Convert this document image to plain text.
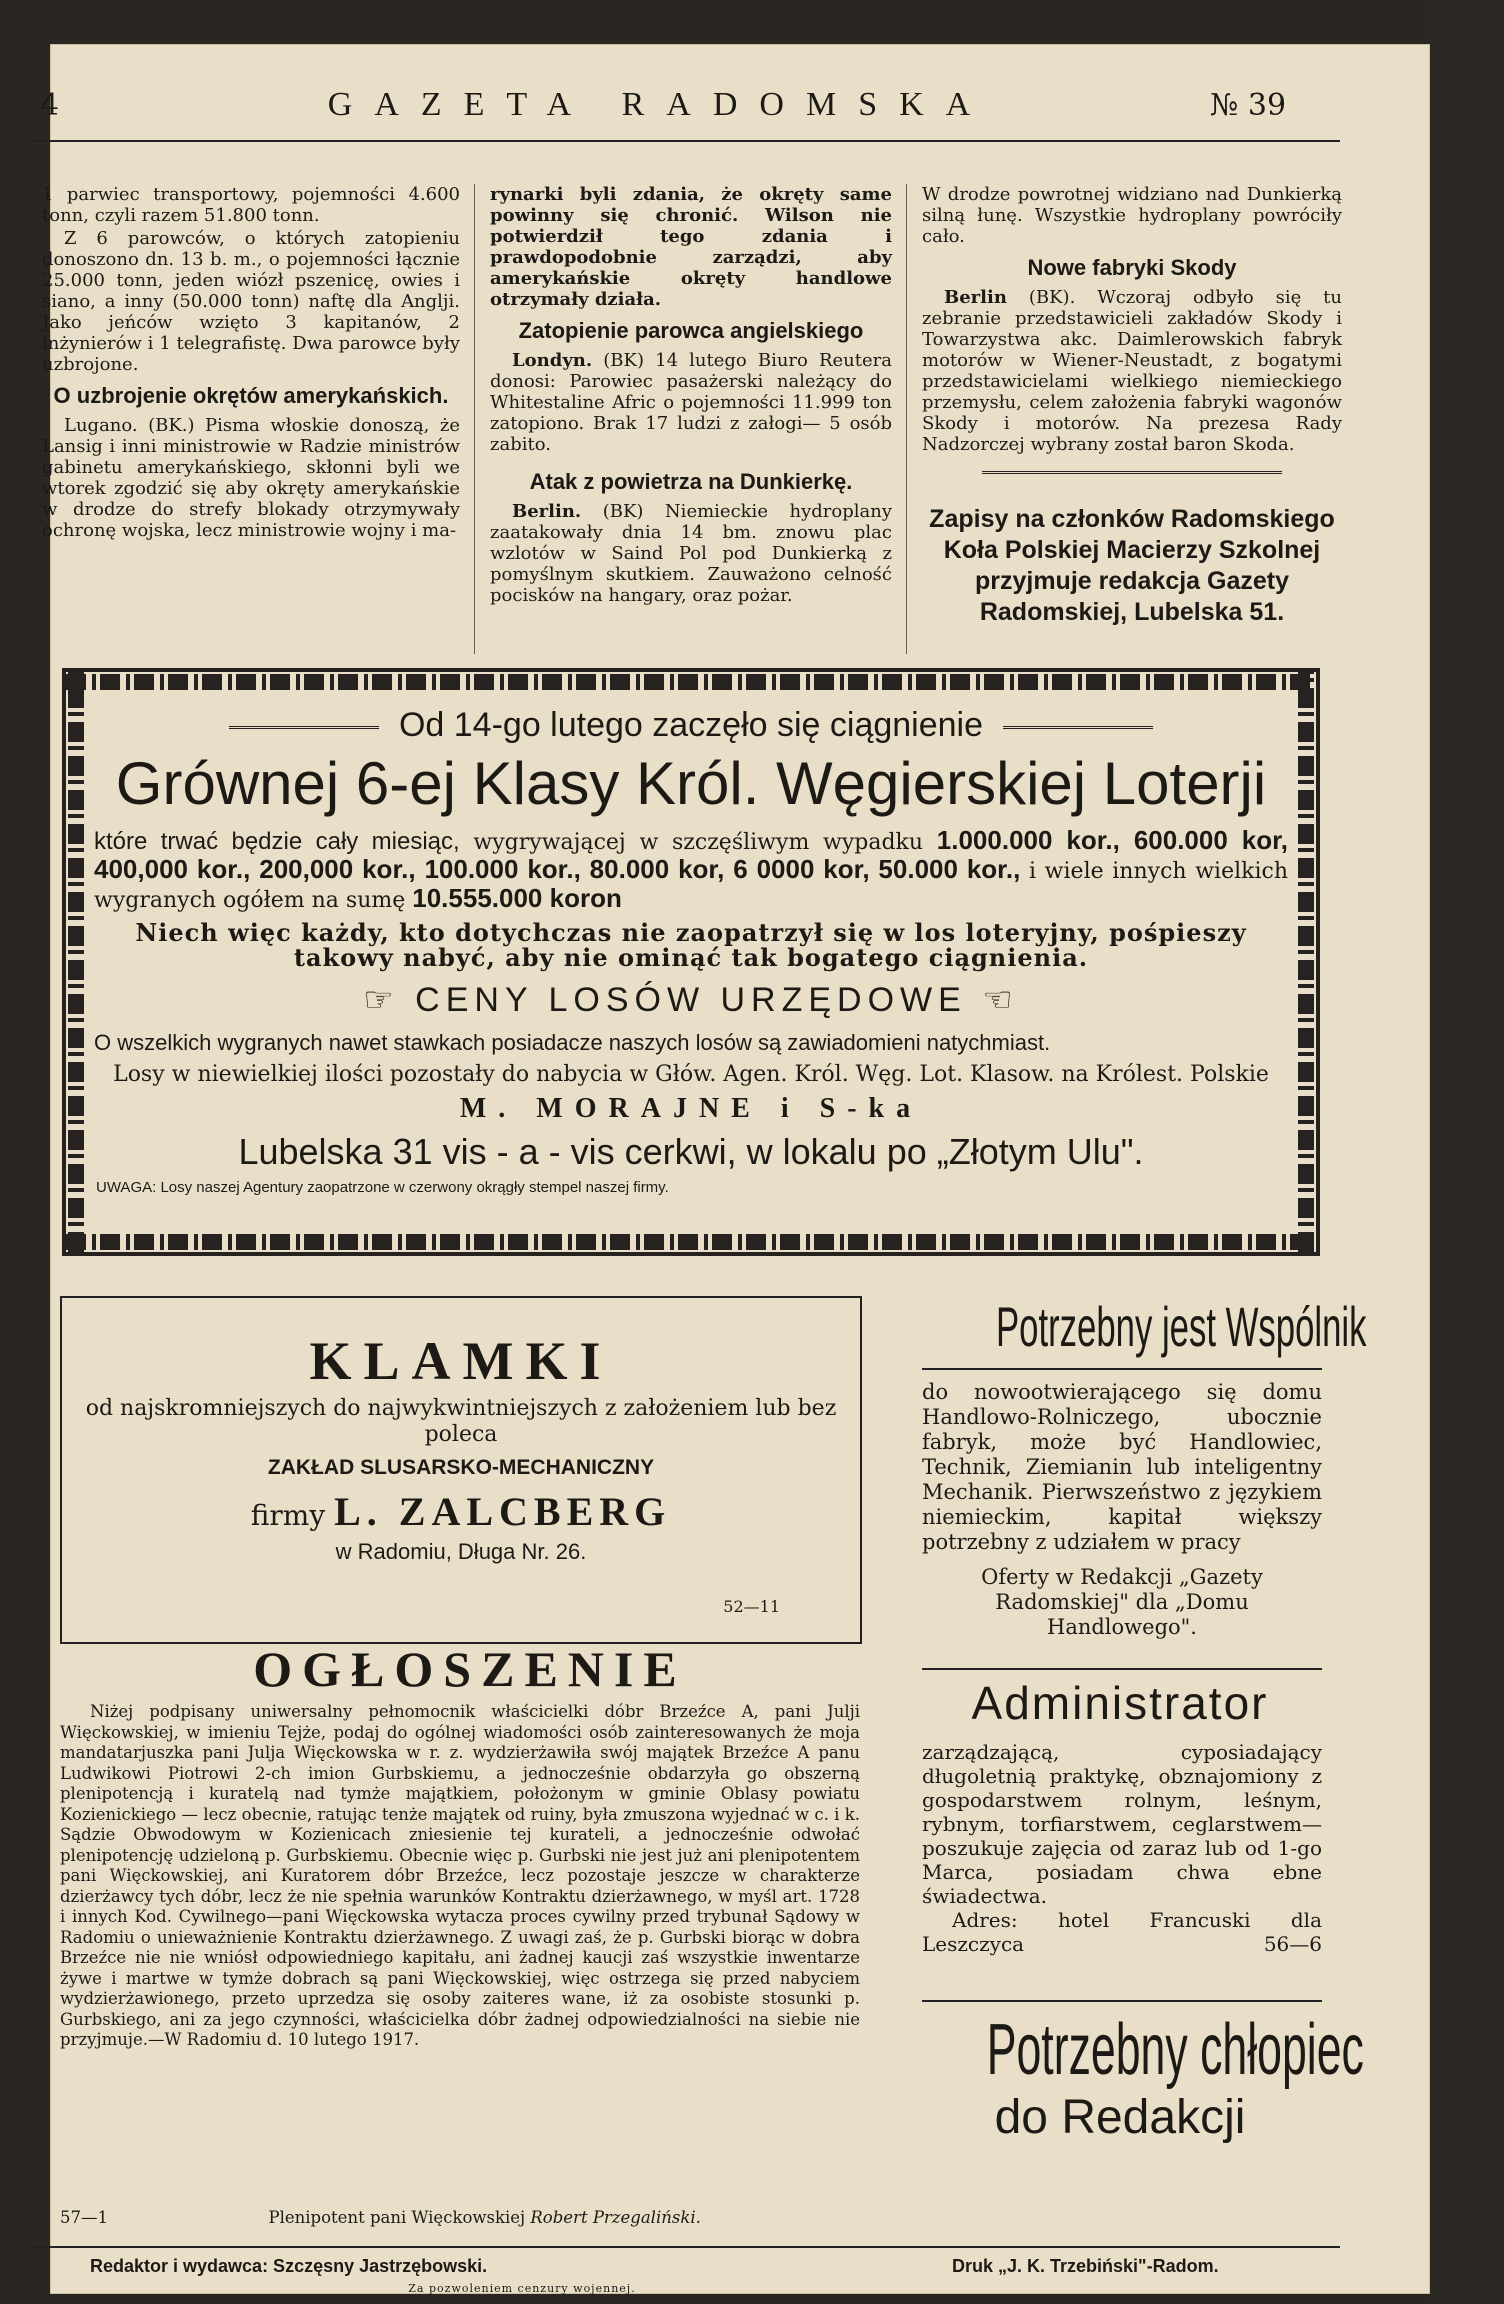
4	GAZETA RADOMSKA	№ 39

1 parwiec transportowy, pojemności 4.600 tonn, czyli razem 51.800 tonn.

Z 6 parowców, o których zatopieniu donoszono dn. 13 b. m., o pojemności łącznie 25.000 tonn, jeden wiózł pszenicę, owies i siano, a inny (50.000 tonn) naftę dla Anglji. Jako jeńców wzięto 3 kapitanów, 2 inżynierów i 1 telegrafistę. Dwa parowce były uzbrojone.

O uzbrojenie okrętów amerykańskich.

Lugano. (BK.) Pisma włoskie donoszą, że Lansig i inni ministrowie w Radzie ministrów gabinetu amerykańskiego, skłonni byli we wtorek zgodzić się aby okręty amerykańskie w drodze do strefy blokady otrzymywały ochronę wojska, lecz ministrowie wojny i ma-

rynarki byli zdania, że okręty same powinny się chronić. Wilson nie potwierdził tego zdania i prawdopodobnie zarządzi, aby amerykańskie okręty handlowe otrzymały działa.

Zatopienie parowca angielskiego

Londyn. (BK) 14 lutego Biuro Reutera donosi: Parowiec pasażerski należący do Whitestaline Afric o pojemności 11.999 ton zatopiono. Brak 17 ludzi z załogi— 5 osób zabito.

Atak z powietrza na Dunkierkę.

Berlin. (BK) Niemieckie hydroplany zaatakowały dnia 14 bm. znowu plac wzlotów w Saind Pol pod Dunkierką z pomyślnym skutkiem. Zauważono celność pocisków na hangary, oraz pożar.

W drodze powrotnej widziano nad Dunkierką silną łunę. Wszystkie hydroplany powróciły cało.

Nowe fabryki Skody

Berlin (BK). Wczoraj odbyło się tu zebranie przedstawicieli zakładów Skody i Towarzystwa akc. Daimlerowskich fabryk motorów w Wiener-Neustadt, z bogatymi przedstawicielami wielkiego niemieckiego przemysłu, celem założenia fabryki wagonów Skody i motorów. Na prezesa Rady Nadzorczej wybrany został baron Skoda.

Zapisy na członków Radomskiego Koła Polskiej Macierzy Szkolnej przyjmuje redakcja Gazety Radomskiej, Lubelska 51.
Od 14-go lutego zaczęło się ciągnienie
Grównej 6-ej Klasy Król. Węgierskiej Loterji
które trwać będzie cały miesiąc, wygrywającej w szczęśliwym wypadku 1.000.000 kor., 600.000 kor, 400,000 kor., 200,000 kor., 100.000 kor., 80.000 kor, 6 0000 kor, 50.000 kor., i wiele innych wielkich wygranych ogółem na sumę 10.555.000 koron
Niech więc każdy, kto dotychczas nie zaopatrzył się w los loteryjny, pośpieszy takowy nabyć, aby nie ominąć tak bogatego ciągnienia.
☞ CENY LOSÓW URZĘDOWE ☜
O wszelkich wygranych nawet stawkach posiadacze naszych losów są zawiadomieni natychmiast.
Losy w niewielkiej ilości pozostały do nabycia w Głów. Agen. Król. Węg. Lot. Klasow. na Królest. Polskie
M. MORAJNE i S-ka
Lubelska 31 vis - a - vis cerkwi, w lokalu po „Złotym Ulu".
UWAGA: Losy naszej Agentury zaopatrzone w czerwony okrągły stempel naszej firmy.
KLAMKI
od najskromniejszych do najwykwintniejszych z założeniem lub bez poleca
ZAKŁAD SLUSARSKO-MECHANICZNY
firmy L. ZALCBERG
w Radomiu, Długa Nr. 26.
52—11
OGŁOSZENIE
Niżej podpisany uniwersalny pełnomocnik właścicielki dóbr Brzeźce A, pani Julji Więckowskiej, w imieniu Tejże, podaj do ogólnej wiadomości osób zainteresowanych że moja mandatarjuszka pani Julja Więckowska w r. z. wydzierżawiła swój majątek Brzeźce A panu Ludwikowi Piotrowi 2-ch imion Gurbskiemu, a jednocześnie obdarzyła go obszerną plenipotencją i kuratelą nad tymże majątkiem, położonym w gminie Oblasy powiatu Kozienickiego — lecz obecnie, ratując tenże majątek od ruiny, była zmuszona wyjednać w c. i k. Sądzie Obwodowym w Kozienicach zniesienie tej kurateli, a jednocześnie odwołać plenipotencję udzieloną p. Gurbskiemu. Obecnie więc p. Gurbski nie jest już ani plenipotentem pani Więckowskiej, ani Kuratorem dóbr Brzeźce, lecz pozostaje jeszcze w charakterze dzierżawcy tych dóbr, lecz że nie spełnia warunków Kontraktu dzierżawnego, w myśl art. 1728 i innych Kod. Cywilnego—pani Więckowska wytacza proces cywilny przed trybunał Sądowy w Radomiu o unieważnienie Kontraktu dzierżawnego. Z uwagi zaś, że p. Gurbski biorąc w dobra Brzeźce nie nie wniósł odpowiedniego kapitału, ani żadnej kaucji zaś wszystkie inwentarze żywe i martwe w tymże dobrach są pani Więckowskiej, więc ostrzega się przed nabyciem wydzierżawionego, przeto uprzedza się osoby zaiteres wane, iż za osobiste stosunki p. Gurbskiego, ani za jego czynności, właścicielka dóbr żadnej odpowiedzialności na siebie nie przyjmuje.—W Radomiu d. 10 lutego 1917.
57—1	Plenipotent pani Więckowskiej Robert Przegaliński.
Potrzebny jest Wspólnik
do nowootwierającego się domu Handlowo-Rolniczego, ubocznie fabryk, może być Handlowiec, Technik, Ziemianin lub inteligentny Mechanik. Pierwszeństwo z językiem niemieckim, kapitał większy potrzebny z udziałem w pracy
Oferty w Redakcji „Gazety Radomskiej" dla „Domu Handlowego".
Administrator
zarządzającą, cyposiadający długoletnią praktykę, obznajomiony z gospodarstwem rolnym, leśnym, rybnym, torfiarstwem, ceglarstwem—poszukuje zajęcia od zaraz lub od 1-go Marca, posiadam chwa ebne świadectwa.
Adres: hotel Francuski dla Leszczyca	56—6
Potrzebny chłopiec
do Redakcji
Redaktor i wydawca: Szczęsny Jastrzębowski.	Druk „J. K. Trzebiński"-Radom.
Za pozwoleniem cenzury wojennej.
